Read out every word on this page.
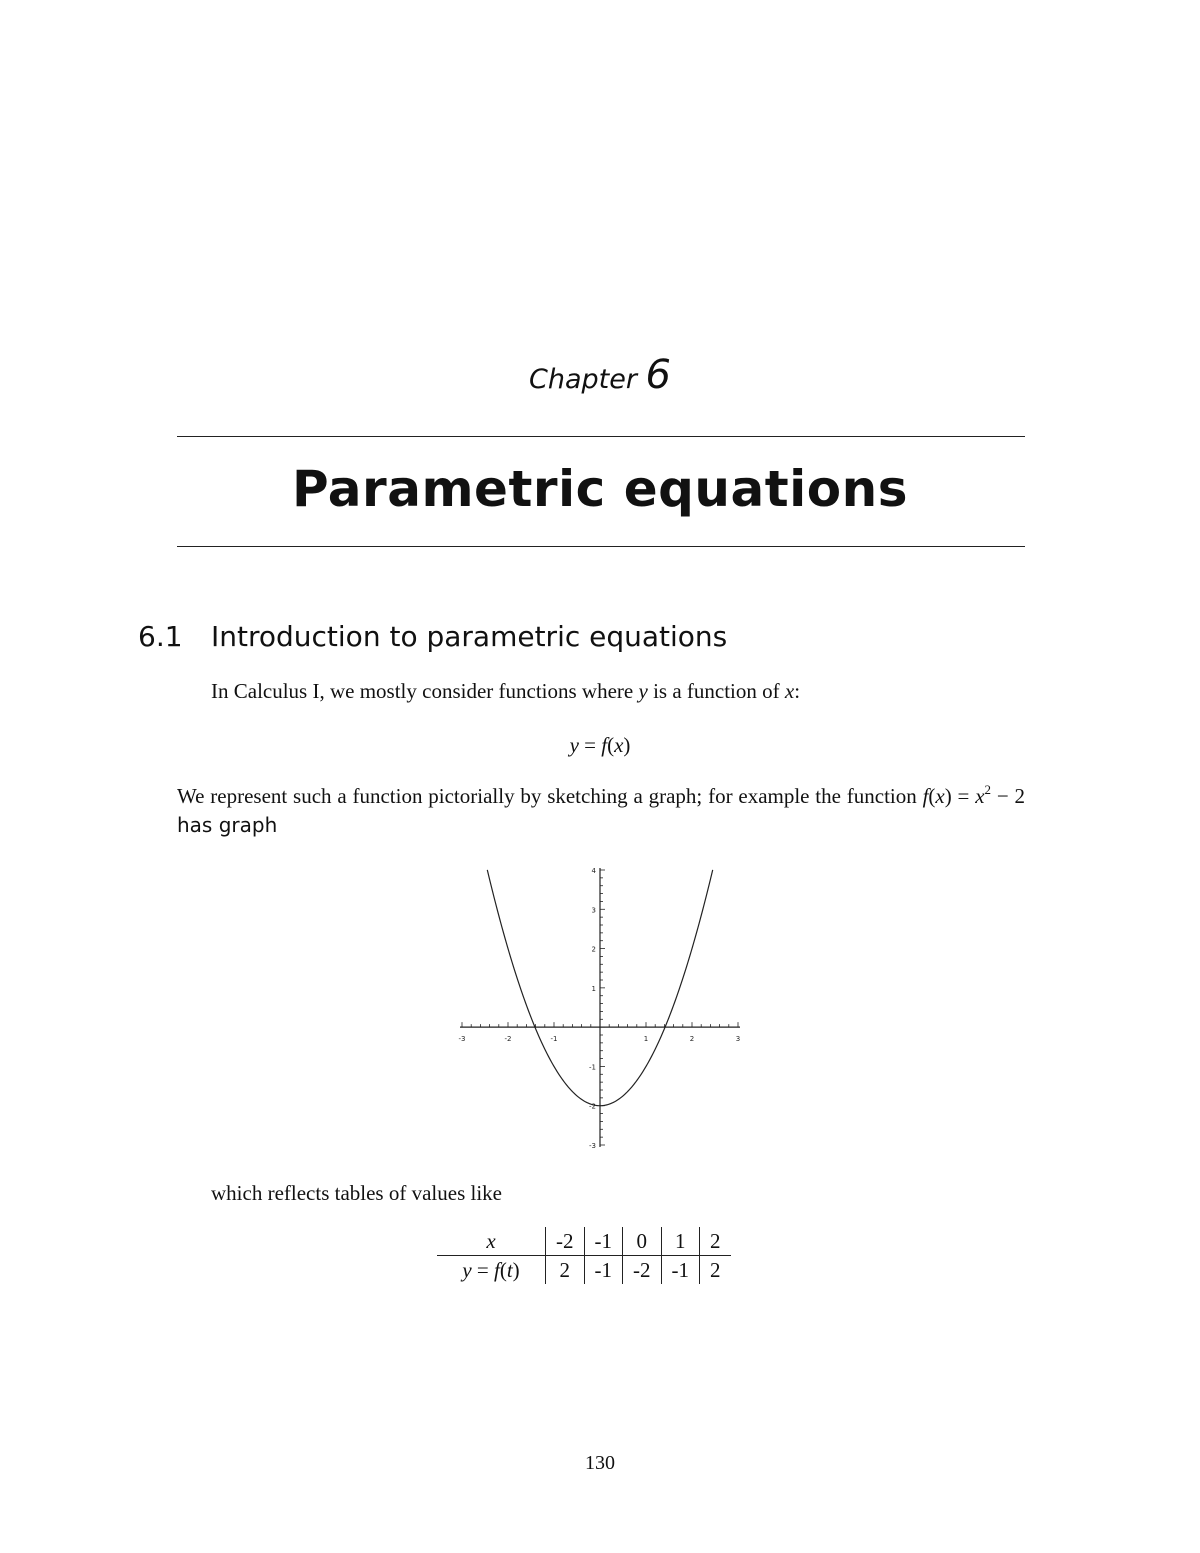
Chapter 6
Parametric equations
6.1 Introduction to parametric equations
In Calculus I, we mostly consider functions where y is a function of x:
y = f(x)
We represent such a function pictorially by sketching a graph; for example the function $f(x) = x^2 - 2$ has graph
-3	-2	-1	1	2	3
-3
-2
-1
1
2
3
4
which reflects tables of values like
x	-2	-1	0	1	2
y = f(t)	2	-1	-2	-1	2
130
